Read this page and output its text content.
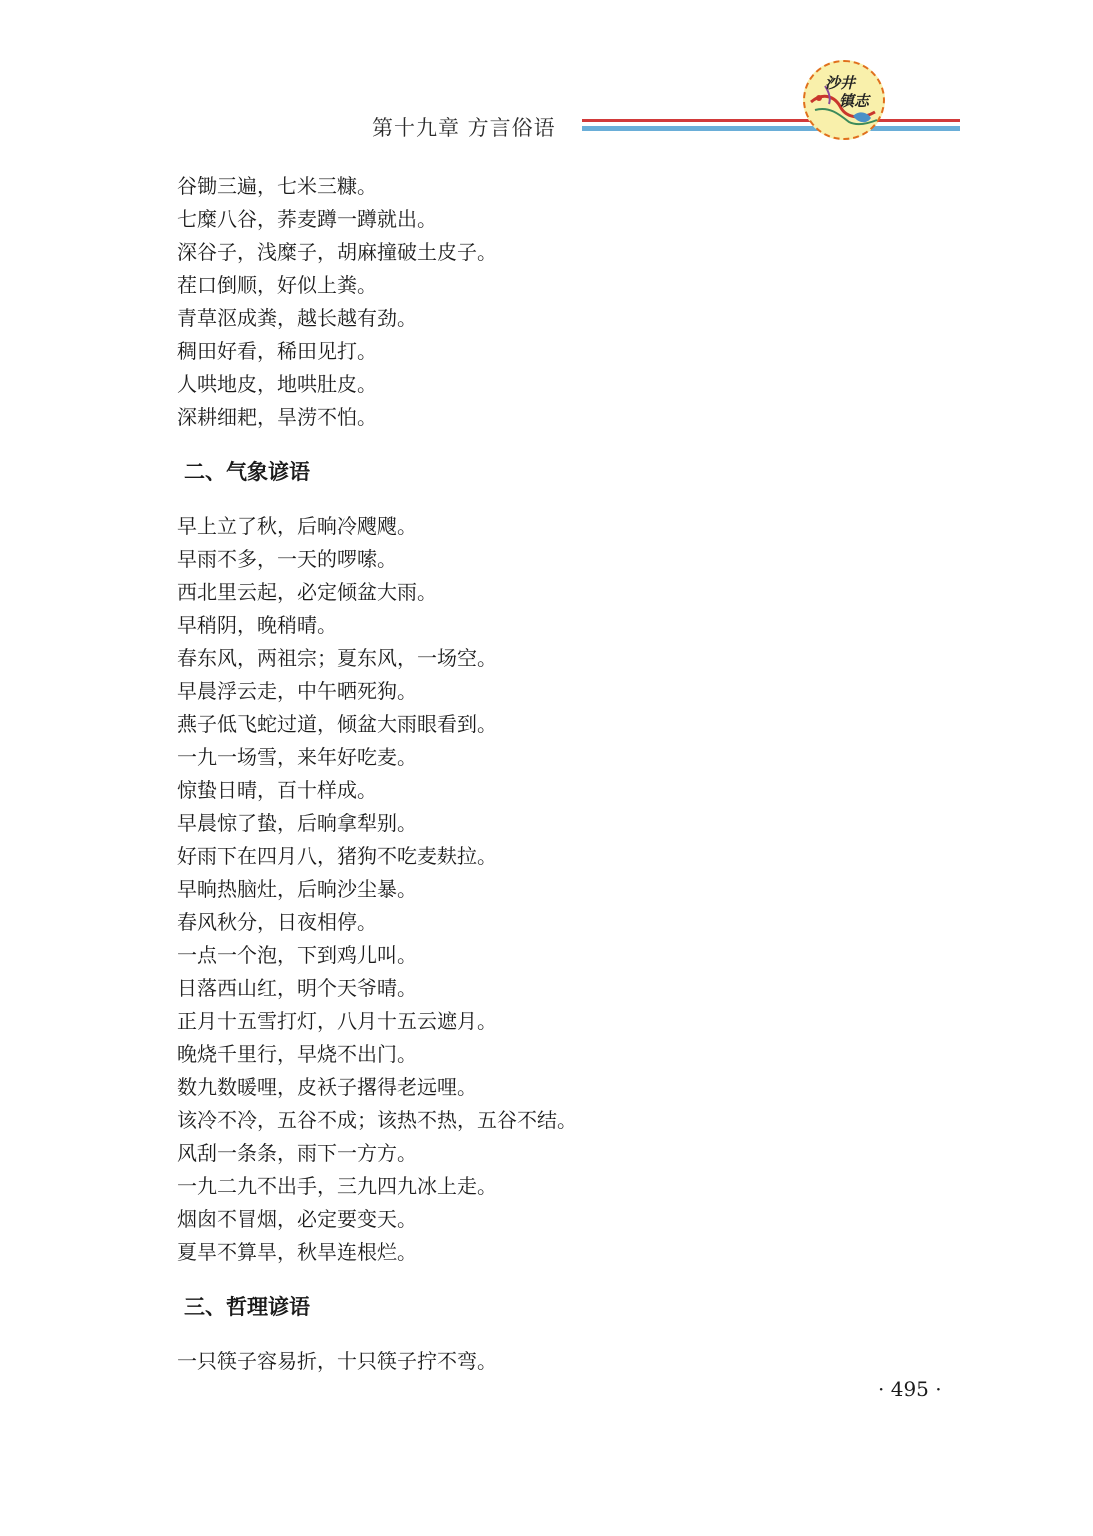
第十九章 方言俗语
沙井
镇志
谷锄三遍，七米三糠。
七糜八谷，荞麦蹲一蹲就出。
深谷子，浅糜子，胡麻撞破土皮子。
茬口倒顺，好似上粪。
青草沤成粪，越长越有劲。
稠田好看，稀田见打。
人哄地皮，地哄肚皮。
深耕细耙，旱涝不怕。
二、气象谚语
早上立了秋，后晌冷飕飕。
早雨不多，一天的啰嗦。
西北里云起，必定倾盆大雨。
早稍阴，晚稍晴。
春东风，两祖宗；夏东风，一场空。
早晨浮云走，中午晒死狗。
燕子低飞蛇过道，倾盆大雨眼看到。
一九一场雪，来年好吃麦。
惊蛰日晴，百十样成。
早晨惊了蛰，后晌拿犁别。
好雨下在四月八，猪狗不吃麦麸拉。
早晌热脑灶，后晌沙尘暴。
春风秋分，日夜相停。
一点一个泡，下到鸡儿叫。
日落西山红，明个天爷晴。
正月十五雪打灯，八月十五云遮月。
晚烧千里行，早烧不出门。
数九数暖哩，皮袄子撂得老远哩。
该冷不冷，五谷不成；该热不热，五谷不结。
风刮一条条，雨下一方方。
一九二九不出手，三九四九冰上走。
烟囱不冒烟，必定要变天。
夏旱不算旱，秋旱连根烂。
三、哲理谚语
一只筷子容易折，十只筷子拧不弯。
· 495 ·
